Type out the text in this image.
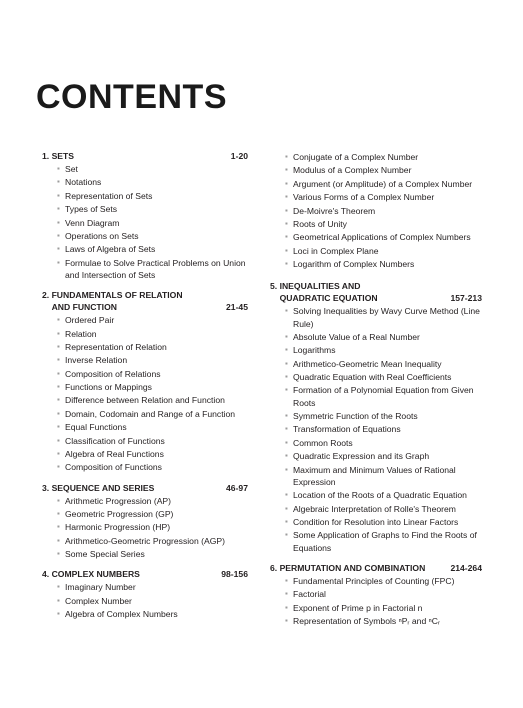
CONTENTS
1. SETS	1-20
▪ Set
▪ Notations
▪ Representation of Sets
▪ Types of Sets
▪ Venn Diagram
▪ Operations on Sets
▪ Laws of Algebra of Sets
▪ Formulae to Solve Practical Problems on Union and Intersection of Sets
2. FUNDAMENTALS OF RELATION
AND FUNCTION	21-45
▪ Ordered Pair
▪ Relation
▪ Representation of Relation
▪ Inverse Relation
▪ Composition of Relations
▪ Functions or Mappings
▪ Difference between Relation and Function
▪ Domain, Codomain and Range of a Function
▪ Equal Functions
▪ Classification of Functions
▪ Algebra of Real Functions
▪ Composition of Functions
3. SEQUENCE AND SERIES	46-97
▪ Arithmetic Progression (AP)
▪ Geometric Progression (GP)
▪ Harmonic Progression (HP)
▪ Arithmetico-Geometric Progression (AGP)
▪ Some Special Series
4. COMPLEX NUMBERS	98-156
▪ Imaginary Number
▪ Complex Number
▪ Algebra of Complex Numbers
▪ Conjugate of a Complex Number
▪ Modulus of a Complex Number
▪ Argument (or Amplitude) of a Complex Number
▪ Various Forms of a Complex Number
▪ De-Moivre's Theorem
▪ Roots of Unity
▪ Geometrical Applications of Complex Numbers
▪ Loci in Complex Plane
▪ Logarithm of Complex Numbers
5. INEQUALITIES AND
QUADRATIC EQUATION	157-213
▪ Solving Inequalities by Wavy Curve Method (Line Rule)
▪ Absolute Value of a Real Number
▪ Logarithms
▪ Arithmetico-Geometric Mean Inequality
▪ Quadratic Equation with Real Coefficients
▪ Formation of a Polynomial Equation from Given Roots
▪ Symmetric Function of the Roots
▪ Transformation of Equations
▪ Common Roots
▪ Quadratic Expression and its Graph
▪ Maximum and Minimum Values of Rational Expression
▪ Location of the Roots of a Quadratic Equation
▪ Algebraic Interpretation of Rolle's Theorem
▪ Condition for Resolution into Linear Factors
▪ Some Application of Graphs to Find the Roots of Equations
6. PERMUTATION AND COMBINATION	214-264
▪ Fundamental Principles of Counting (FPC)
▪ Factorial
▪ Exponent of Prime p in Factorial n
▪ Representation of Symbols ⁿPᵣ and ⁿCᵣ
